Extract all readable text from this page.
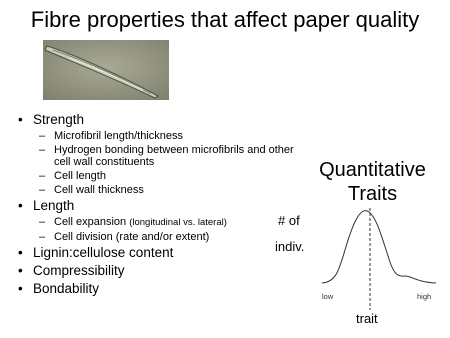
Fibre properties that affect paper quality
• Strength
– Microfibril length/thickness
– Hydrogen bonding between microfibrils and other cell wall constituents
– Cell length
– Cell wall thickness
• Length
– Cell expansion (longitudinal vs. lateral)
– Cell division (rate and/or extent)
• Lignin:cellulose content
• Compressibility
• Bondability
Quantitative Traits
# of
indiv.
low	high
trait
